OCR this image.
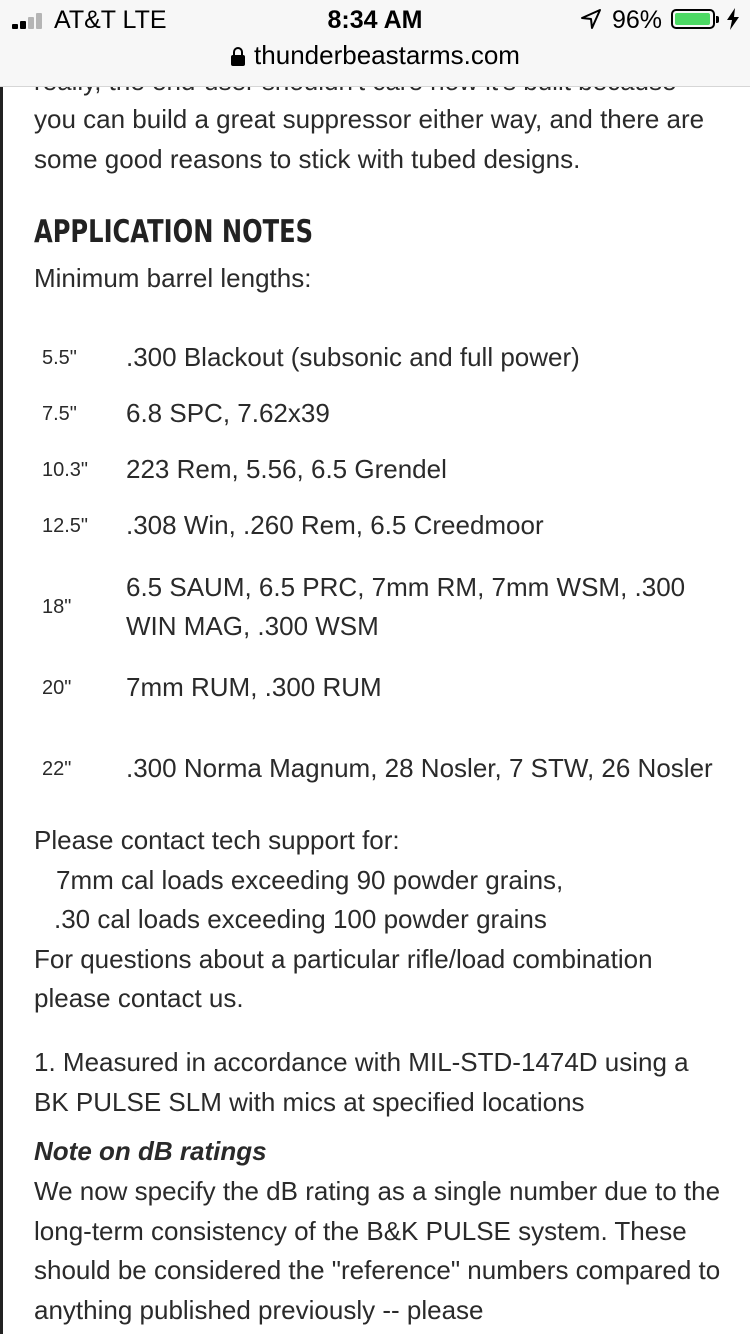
you can build a great suppressor either way, and there are some good reasons to stick with tubed designs.

APPLICATION NOTES

Minimum barrel lengths:

5.5"	.300 Blackout (subsonic and full power)
7.5"	6.8 SPC, 7.62x39
10.3"	223 Rem, 5.56, 6.5 Grendel
12.5"	.308 Win, .260 Rem, 6.5 Creedmoor
18"	6.5 SAUM, 6.5 PRC, 7mm RM, 7mm WSM, .300 WIN MAG, .300 WSM
20"	7mm RUM, .300 RUM
22"	.300 Norma Magnum, 28 Nosler, 7 STW, 26 Nosler
Please contact tech support for:

7mm cal loads exceeding 90 powder grains,
.30 cal loads exceeding 100 powder grains
For questions about a particular rifle/load combination please contact us.

1. Measured in accordance with MIL-STD-1474D using a BK PULSE SLM with mics at specified locations

Note on dB ratings

We now specify the dB rating as a single number due to the long-term consistency of the B&K PULSE system. These should be considered the "reference" numbers compared to anything published previously -- please

AT&T LTE	8:34 AM	96%
thunderbeastarms.com
